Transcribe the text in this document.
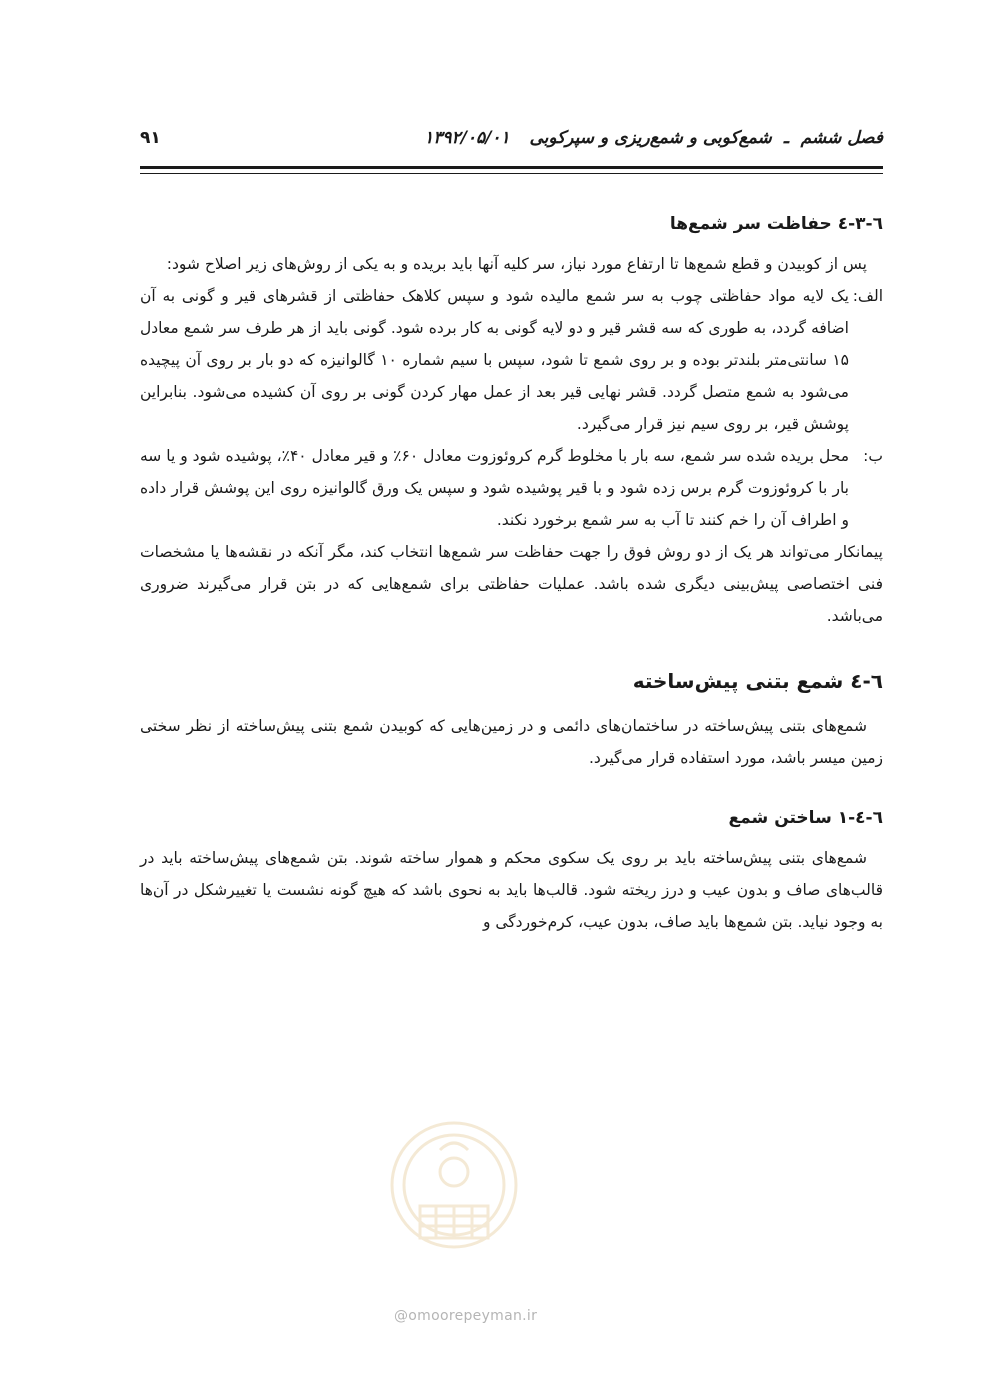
فصل ششم ـ شمع‌کوبی و شمع‌ریزی و سپرکوبی ۱۳۹۲/۰۵/۰۱
۹۱
٦-٣-٤ حفاظت سر شمع‌ها

پس از کوبیدن و قطع شمع‌ها تا ارتفاع مورد نیاز، سر کلیه آنها باید بریده و به یکی از روش‌های زیر اصلاح شود:

الف:

یک لایه مواد حفاظتی چوب به سر شمع مالیده شود و سپس کلاهک حفاظتی از قشرهای قیر و گونی به آن اضافه گردد، به طوری که سه قشر قیر و دو لایه گونی به کار برده شود. گونی باید از هر طرف سر شمع معادل ۱۵ سانتی‌متر بلندتر بوده و بر روی شمع تا شود، سپس با سیم شماره ۱۰ گالوانیزه که دو بار بر روی آن پیچیده می‌شود به شمع متصل گردد. قشر نهایی قیر بعد از عمل مهار کردن گونی بر روی آن کشیده می‌شود. بنابراین پوشش قیر، بر روی سیم نیز قرار می‌گیرد.

ب:

محل بریده شده سر شمع، سه بار با مخلوط گرم کروئوزوت معادل ۶۰٪ و قیر معادل ۴۰٪، پوشیده شود و یا سه بار با کروئوزوت گرم برس زده شود و با قیر پوشیده شود و سپس یک ورق گالوانیزه روی این پوشش قرار داده و اطراف آن را خم کنند تا آب به سر شمع برخورد نکند.

پیمانکار می‌تواند هر یک از دو روش فوق را جهت حفاظت سر شمع‌ها انتخاب کند، مگر آنکه در نقشه‌ها یا مشخصات فنی اختصاصی پیش‌بینی دیگری شده باشد. عملیات حفاظتی برای شمع‌هایی که در بتن قرار می‌گیرند ضروری می‌باشد.

٦-٤ شمع بتنی پیش‌ساخته

شمع‌های بتنی پیش‌ساخته در ساختمان‌های دائمی و در زمین‌هایی که کوبیدن شمع بتنی پیش‌ساخته از نظر سختی زمین میسر باشد، مورد استفاده قرار می‌گیرد.

٦-٤-١ ساختن شمع

شمع‌های بتنی پیش‌ساخته باید بر روی یک سکوی محکم و هموار ساخته شوند. بتن شمع‌های پیش‌ساخته باید در قالب‌های صاف و بدون عیب و درز ریخته شود. قالب‌ها باید به نحوی باشد که هیچ گونه نشست یا تغییرشکل در آن‌ها به وجود نیاید. بتن شمع‌ها باید صاف، بدون عیب، کرم‌خوردگی و

@omoorepeyman.ir
